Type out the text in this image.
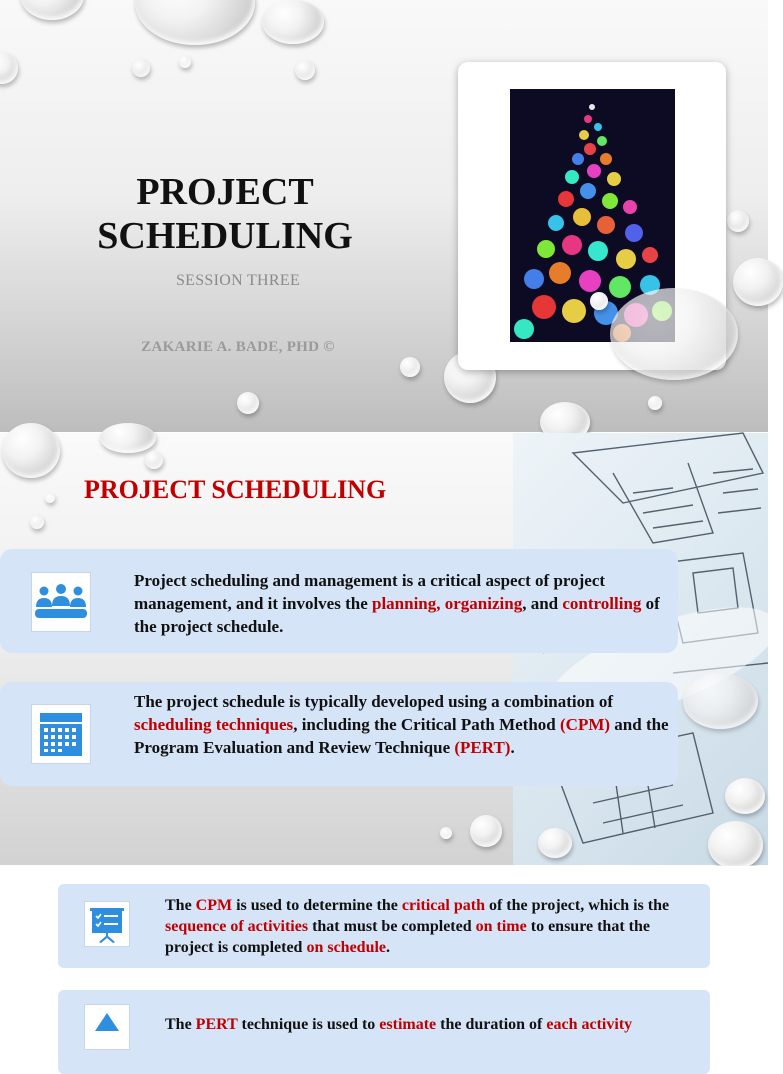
PROJECT
SCHEDULING
SESSION THREE
ZAKARIE A. BADE, PHD ©
PROJECT SCHEDULING
Project scheduling and management is a critical aspect of project management, and it involves the planning, organizing, and controlling of the project schedule.
The project schedule is typically developed using a combination of scheduling techniques, including the Critical Path Method (CPM) and the Program Evaluation and Review Technique (PERT).
The CPM is used to determine the critical path of the project, which is the sequence of activities that must be completed on time to ensure that the project is completed on schedule.
The PERT technique is used to estimate the duration of each activity
